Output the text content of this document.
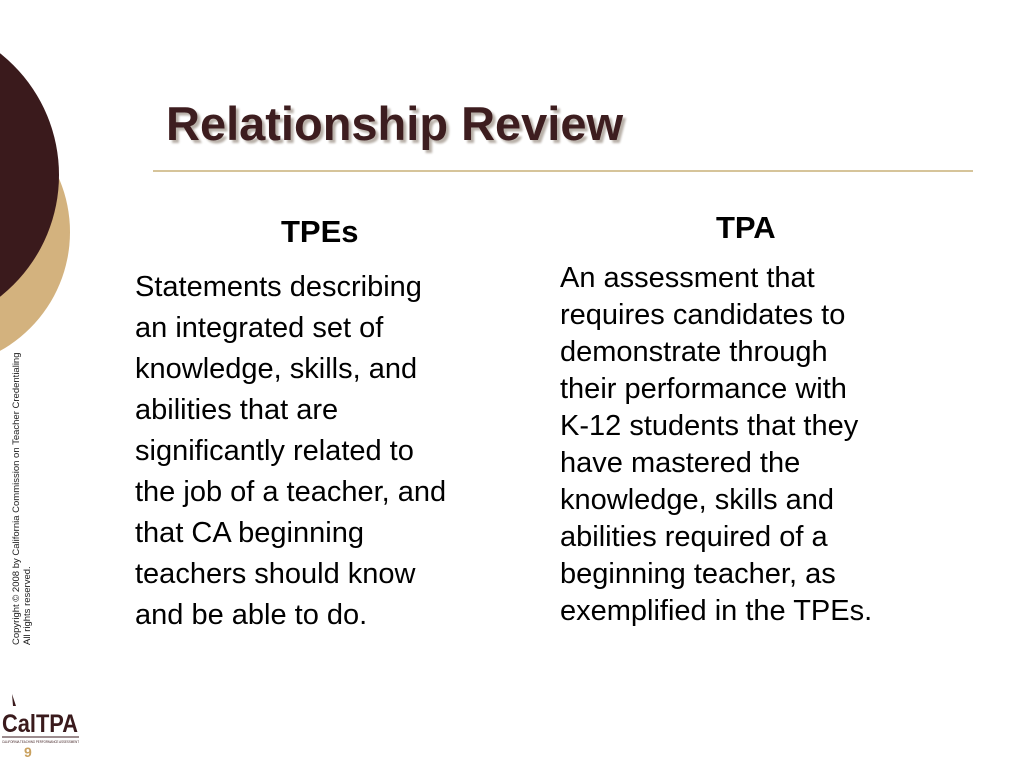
Relationship Review
TPEs
Statements describing
an integrated set of
knowledge, skills, and
abilities that are
significantly related to
the job of a teacher, and
that CA beginning
teachers should know
and be able to do.
TPA
An assessment that
requires candidates to
demonstrate through
their performance with
K-12 students that they
have mastered the
knowledge, skills and
abilities required of a
beginning teacher, as
exemplified in the TPEs.
Copyright © 2008 by California Commission on Teacher Credentialing All rights reserved.
CalTPA
CALIFORNIA TEACHING PERFORMANCE ASSESSMENT
9
